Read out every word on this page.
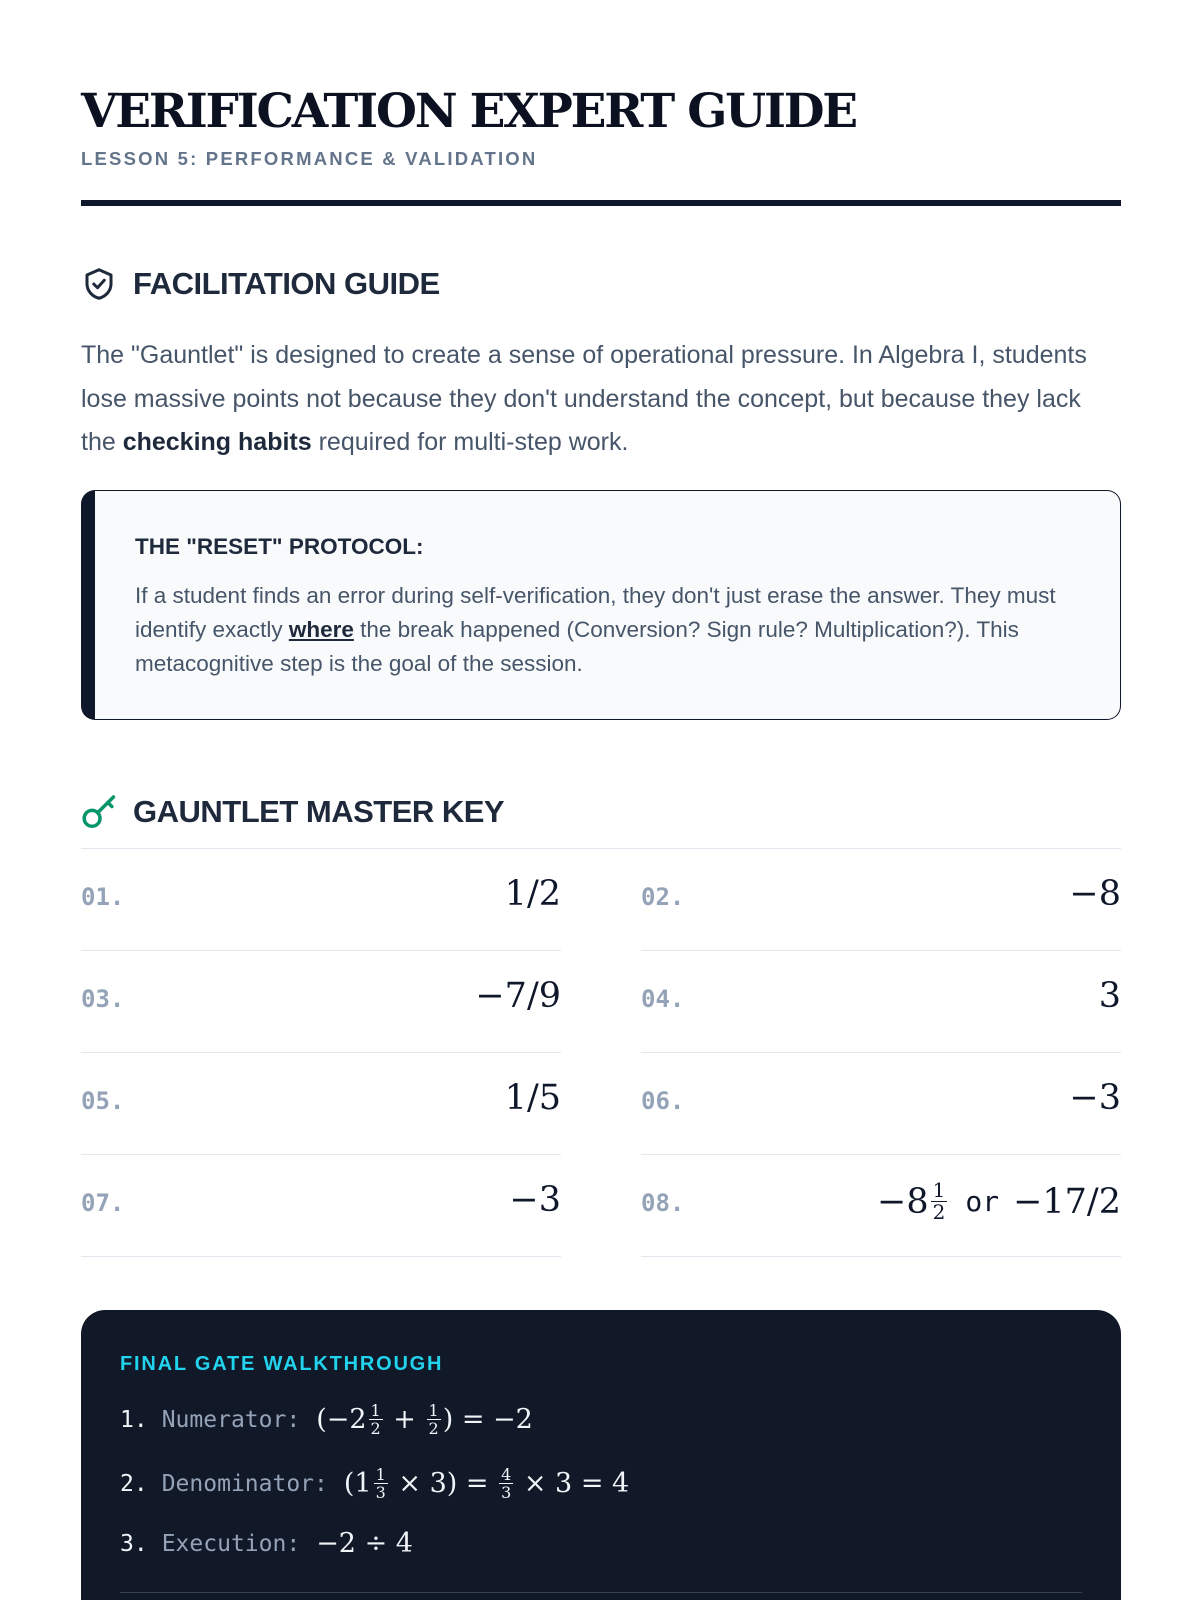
VERIFICATION EXPERT GUIDE
LESSON 5: PERFORMANCE & VALIDATION
FACILITATION GUIDE

The "Gauntlet" is designed to create a sense of operational pressure. In Algebra I, students lose massive points not because they don't understand the concept, but because they lack the checking habits required for multi-step work.

THE "RESET" PROTOCOL:

If a student finds an error during self-verification, they don't just erase the answer. They must identify exactly where the break happened (Conversion? Sign rule? Multiplication?). This metacognitive step is the goal of the session.

GAUNTLET MASTER KEY
01.	1/2	02.	−8
03.	−7/9	04.	3
05.	1/5	06.	−3
07.	−3	08.	$-8 \frac{1}{2}$ or −17/2
FINAL GATE WALKTHROUGH
1. Numerator: ($-2 \frac{1}{2} + \frac{1}{2}$ ) = −2
2. Denominator: $(1 \frac{1}{3} \times 3) = \frac{4}{3} \times 3 = 4$
3. Execution: −2 ÷ 4
